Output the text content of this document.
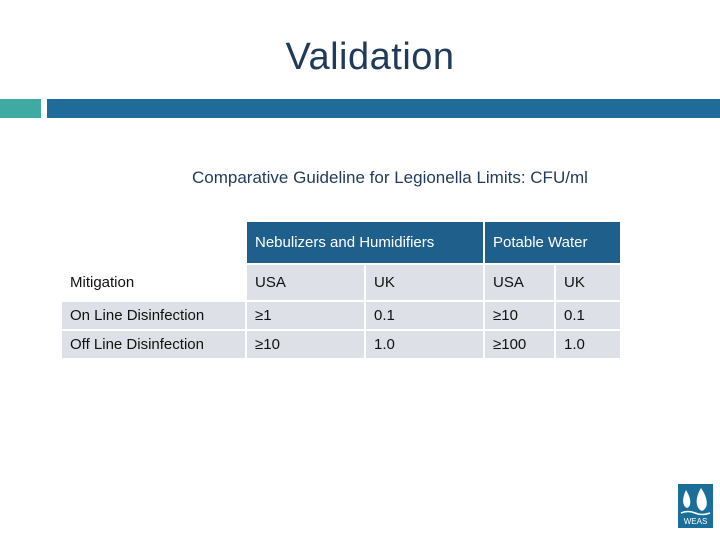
Validation
Comparative Guideline for Legionella Limits: CFU/ml
	Nebulizers and Humidifiers		Potable Water	
Mitigation	USA	UK	USA	UK
On Line Disinfection	≥1	0.1	≥10	0.1
Off Line Disinfection	≥10	1.0	≥100	1.0
WEAS
